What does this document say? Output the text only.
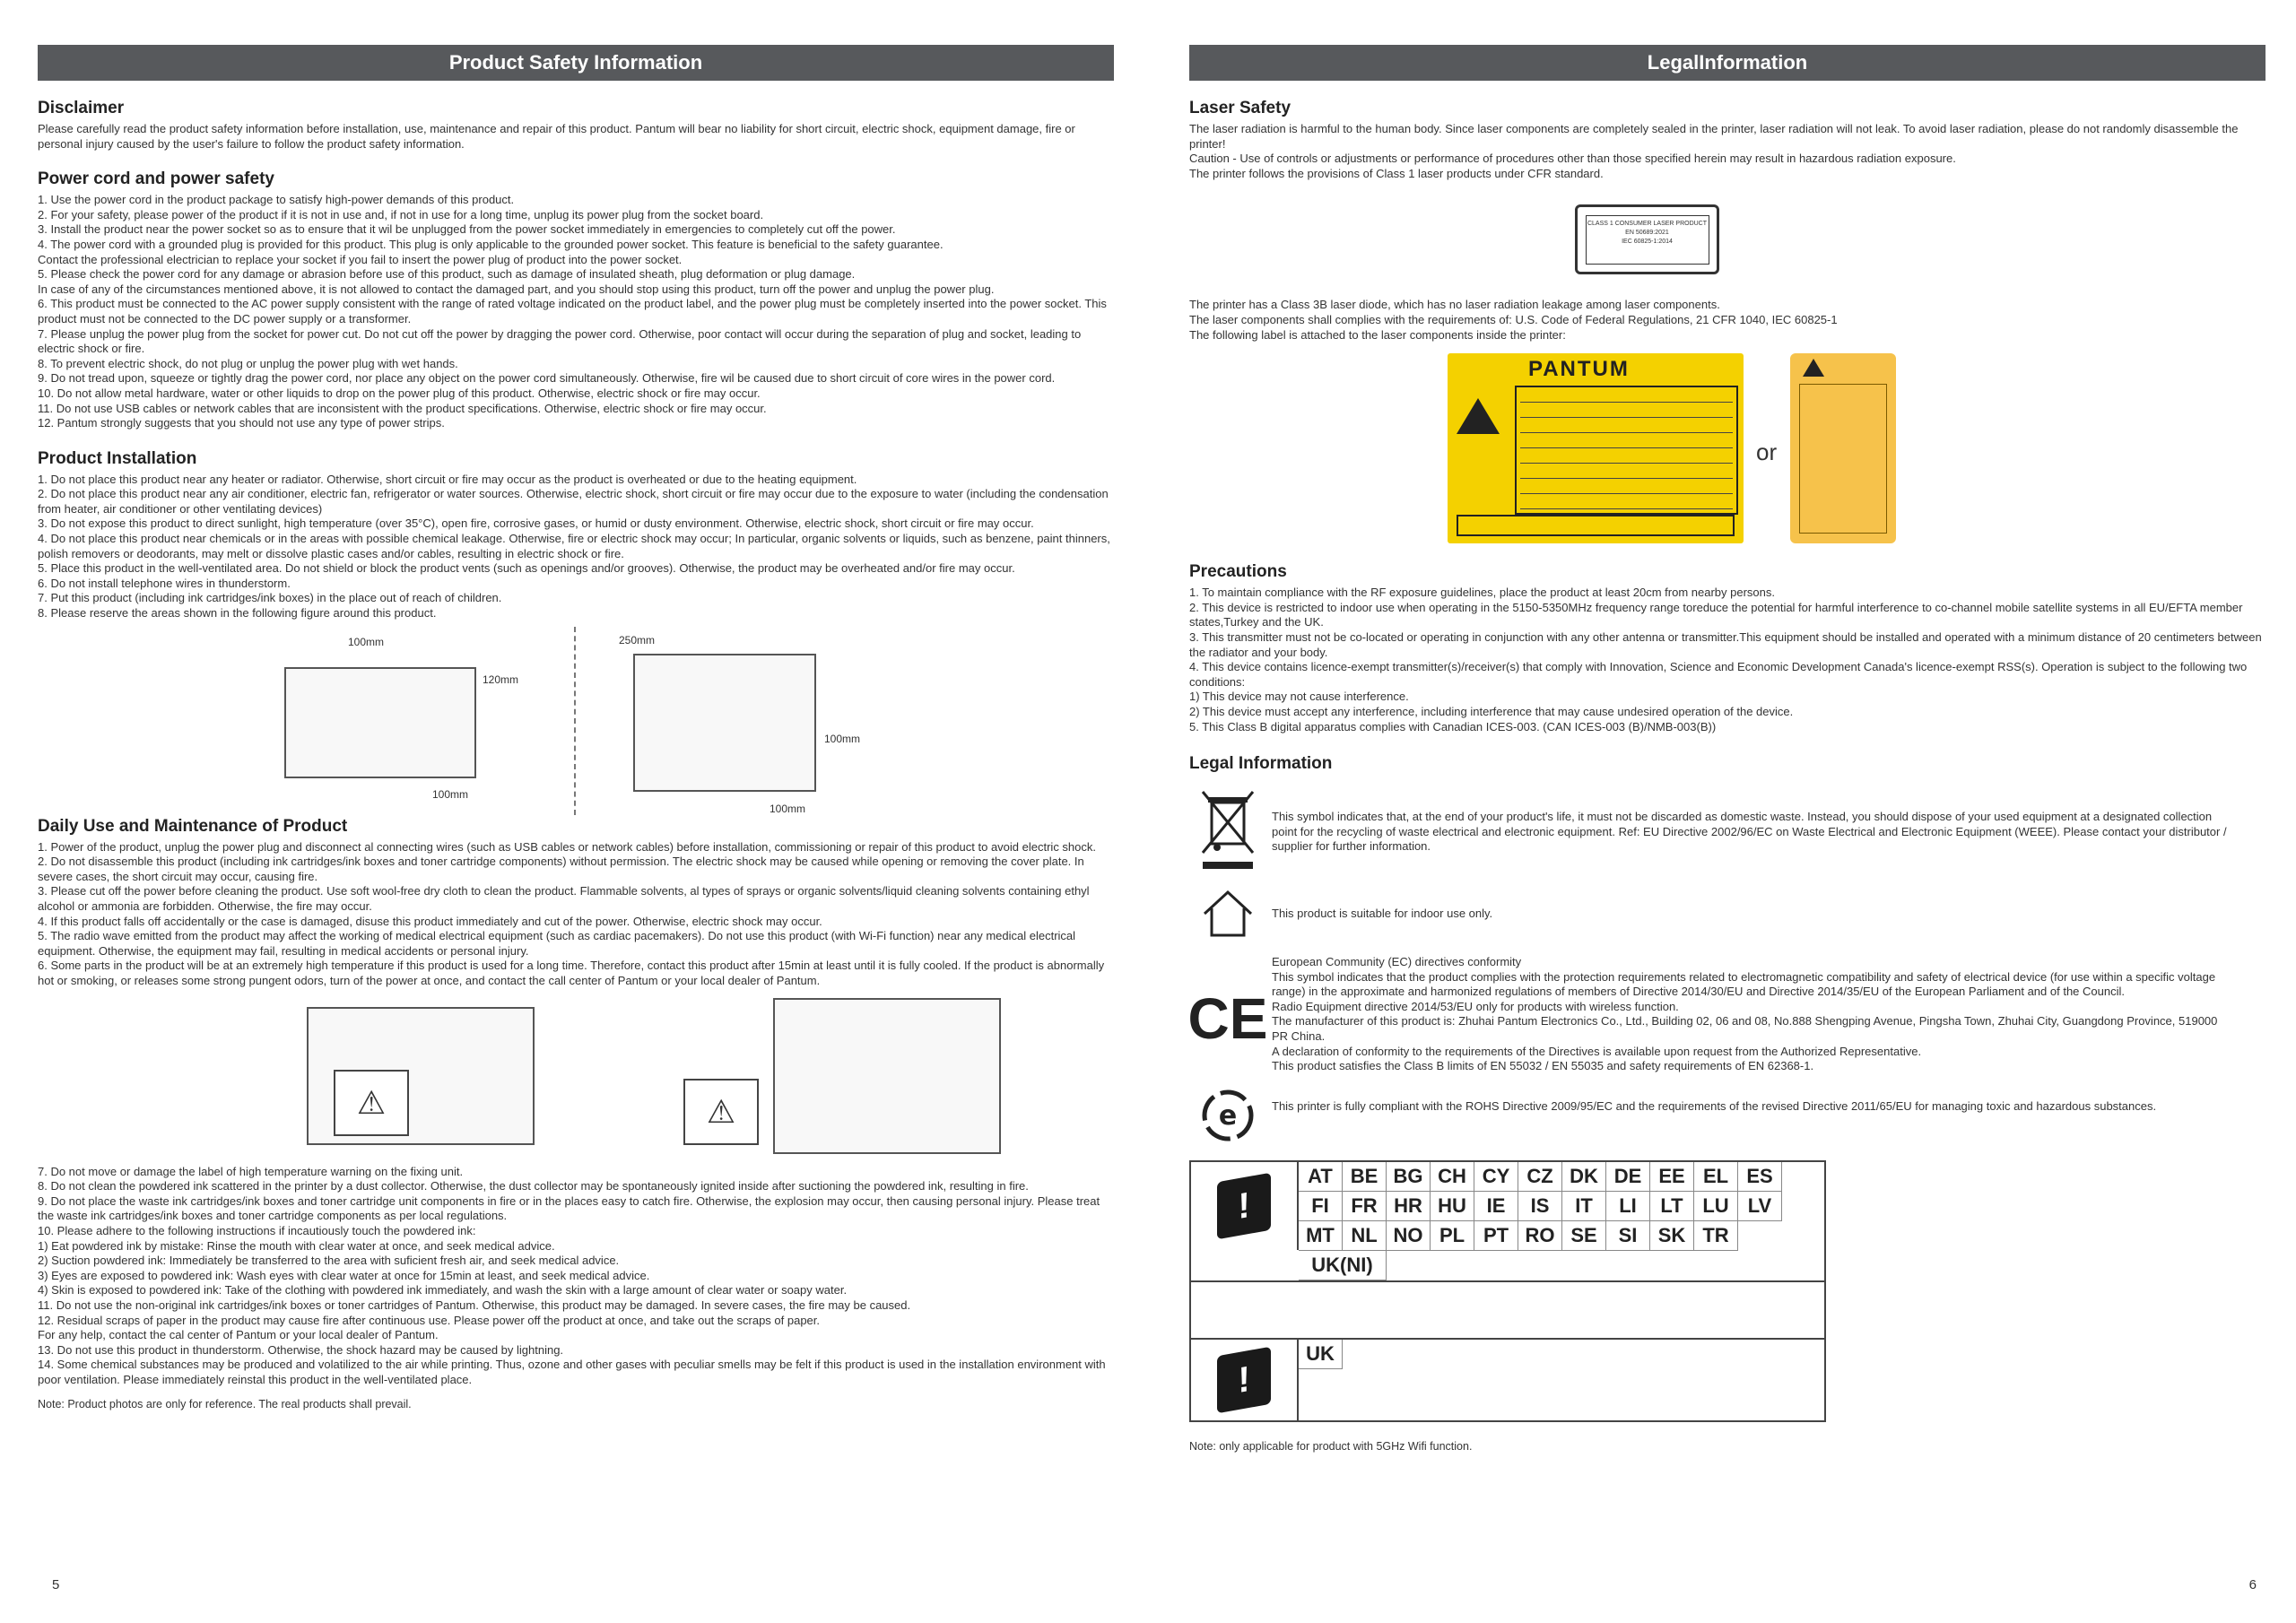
Product Safety Information
Disclaimer

Please carefully read the product safety information before installation, use, maintenance and repair of this product. Pantum will bear no liability for short circuit, electric shock, equipment damage, fire or personal injury caused by the user's failure to follow the product safety information.

Power cord and power safety
1. Use the power cord in the product package to satisfy high-power demands of this product.
2. For your safety, please power of the product if it is not in use and, if not in use for a long time, unplug its power plug from the socket board.
3. Install the product near the power socket so as to ensure that it wil be unplugged from the power socket immediately in emergencies to completely cut off the power.
4. The power cord with a grounded plug is provided for this product. This plug is only applicable to the grounded power socket. This feature is beneficial to the safety guarantee.
Contact the professional electrician to replace your socket if you fail to insert the power plug of product into the power socket.
5. Please check the power cord for any damage or abrasion before use of this product, such as damage of insulated sheath, plug deformation or plug damage.
In case of any of the circumstances mentioned above, it is not allowed to contact the damaged part, and you should stop using this product, turn off the power and unplug the power plug.
6. This product must be connected to the AC power supply consistent with the range of rated voltage indicated on the product label, and the power plug must be completely inserted into the power socket. This product must not be connected to the DC power supply or a transformer.
7. Please unplug the power plug from the socket for power cut. Do not cut off the power by dragging the power cord. Otherwise, poor contact will occur during the separation of plug and socket, leading to electric shock or fire.
8. To prevent electric shock, do not plug or unplug the power plug with wet hands.
9. Do not tread upon, squeeze or tightly drag the power cord, nor place any object on the power cord simultaneously. Otherwise, fire wil be caused due to short circuit of core wires in the power cord.
10. Do not allow metal hardware, water or other liquids to drop on the power plug of this product. Otherwise, electric shock or fire may occur.
11. Do not use USB cables or network cables that are inconsistent with the product specifications. Otherwise, electric shock or fire may occur.
12. Pantum strongly suggests that you should not use any type of power strips.
Product Installation
1. Do not place this product near any heater or radiator. Otherwise, short circuit or fire may occur as the product is overheated or due to the heating equipment.
2. Do not place this product near any air conditioner, electric fan, refrigerator or water sources. Otherwise, electric shock, short circuit or fire may occur due to the exposure to water (including the condensation from heater, air conditioner or other ventilating devices)
3. Do not expose this product to direct sunlight, high temperature (over 35°C), open fire, corrosive gases, or humid or dusty environment. Otherwise, electric shock, short circuit or fire may occur.
4. Do not place this product near chemicals or in the areas with possible chemical leakage. Otherwise, fire or electric shock may occur; In particular, organic solvents or liquids, such as benzene, paint thinners, polish removers or deodorants, may melt or dissolve plastic cases and/or cables, resulting in electric shock or fire.
5. Place this product in the well-ventilated area. Do not shield or block the product vents (such as openings and/or grooves). Otherwise, the product may be overheated and/or fire may occur.
6. Do not install telephone wires in thunderstorm.
7. Put this product (including ink cartridges/ink boxes) in the place out of reach of children.
8. Please reserve the areas shown in the following figure around this product.
100mm
120mm
100mm
250mm
100mm
100mm
Daily Use and Maintenance of Product
1. Power of the product, unplug the power plug and disconnect al connecting wires (such as USB cables or network cables) before installation, commissioning or repair of this product to avoid electric shock.
2. Do not disassemble this product (including ink cartridges/ink boxes and toner cartridge components) without permission. The electric shock may be caused while opening or removing the cover plate. In severe cases, the short circuit may occur, causing fire.
3. Please cut off the power before cleaning the product. Use soft wool-free dry cloth to clean the product. Flammable solvents, al types of sprays or organic solvents/liquid cleaning solvents containing ethyl alcohol or ammonia are forbidden. Otherwise, the fire may occur.
4. If this product falls off accidentally or the case is damaged, disuse this product immediately and cut of the power. Otherwise, electric shock may occur.
5. The radio wave emitted from the product may affect the working of medical electrical equipment (such as cardiac pacemakers). Do not use this product (with Wi-Fi function) near any medical electrical equipment. Otherwise, the equipment may fail, resulting in medical accidents or personal injury.
6. Some parts in the product will be at an extremely high temperature if this product is used for a long time. Therefore, contact this product after 15min at least until it is fully cooled. If the product is abnormally hot or smoking, or releases some strong pungent odors, turn of the power at once, and contact the call center of Pantum or your local dealer of Pantum.
⚠	⚠
7. Do not move or damage the label of high temperature warning on the fixing unit.
8. Do not clean the powdered ink scattered in the printer by a dust collector. Otherwise, the dust collector may be spontaneously ignited inside after suctioning the powdered ink, resulting in fire.
9. Do not place the waste ink cartridges/ink boxes and toner cartridge unit components in fire or in the places easy to catch fire. Otherwise, the explosion may occur, then causing personal injury. Please treat the waste ink cartridges/ink boxes and toner cartridge components as per local regulations.
10. Please adhere to the following instructions if incautiously touch the powdered ink:
1) Eat powdered ink by mistake: Rinse the mouth with clear water at once, and seek medical advice.
2) Suction powdered ink: Immediately be transferred to the area with suficient fresh air, and seek medical advice.
3) Eyes are exposed to powdered ink: Wash eyes with clear water at once for 15min at least, and seek medical advice.
4) Skin is exposed to powdered ink: Take of the clothing with powdered ink immediately, and wash the skin with a large amount of clear water or soapy water.
11. Do not use the non-original ink cartridges/ink boxes or toner cartridges of Pantum. Otherwise, this product may be damaged. In severe cases, the fire may be caused.
12. Residual scraps of paper in the product may cause fire after continuous use. Please power off the product at once, and take out the scraps of paper.
For any help, contact the cal center of Pantum or your local dealer of Pantum.
13. Do not use this product in thunderstorm. Otherwise, the shock hazard may be caused by lightning.
14. Some chemical substances may be produced and volatilized to the air while printing. Thus, ozone and other gases with peculiar smells may be felt if this product is used in the installation environment with poor ventilation. Please immediately reinstal this product in the well-ventilated place.
Note: Product photos are only for reference. The real products shall prevail.
5
LegalInformation
Laser Safety
The laser radiation is harmful to the human body. Since laser components are completely sealed in the printer, laser radiation will not leak. To avoid laser radiation, please do not randomly disassemble the printer!
Caution - Use of controls or adjustments or performance of procedures other than those specified herein may result in hazardous radiation exposure.
The printer follows the provisions of Class 1 laser products under CFR standard.
CLASS 1 CONSUMER LASER PRODUCT
EN 50689:2021
IEC 60825-1:2014
The printer has a Class 3B laser diode, which has no laser radiation leakage among laser components.
The laser components shall complies with the requirements of: U.S. Code of Federal Regulations, 21 CFR 1040, IEC 60825-1
The following label is attached to the laser components inside the printer:
PANTUM
or
Precautions
1. To maintain compliance with the RF exposure guidelines, place the product at least 20cm from nearby persons.
2. This device is restricted to indoor use when operating in the 5150-5350MHz frequency range toreduce the potential for harmful interference to co-channel mobile satellite systems in all EU/EFTA member states,Turkey and the UK.
3. This transmitter must not be co-located or operating in conjunction with any other antenna or transmitter.This equipment should be installed and operated with a minimum distance of 20 centimeters between the radiator and your body.
4. This device contains licence-exempt transmitter(s)/receiver(s) that comply with Innovation, Science and Economic Development Canada's licence-exempt RSS(s). Operation is subject to the following two conditions:
1) This device may not cause interference.
2) This device must accept any interference, including interference that may cause undesired operation of the device.
5. This Class B digital apparatus complies with Canadian ICES-003. (CAN ICES-003 (B)/NMB-003(B))
Legal Information
This symbol indicates that, at the end of your product's life, it must not be discarded as domestic waste. Instead, you should dispose of your used equipment at a designated collection point for the recycling of waste electrical and electronic equipment. Ref: EU Directive 2002/96/EC on Waste Electrical and Electronic Equipment (WEEE). Please contact your distributor / supplier for further information.
This product is suitable for indoor use only.
CE
European Community (EC) directives conformity
This symbol indicates that the product complies with the protection requirements related to electromagnetic compatibility and safety of electrical device (for use within a specific voltage range) in the approximate and harmonized regulations of members of Directive 2014/30/EU and Directive 2014/35/EU of the European Parliament and of the Council.
Radio Equipment directive 2014/53/EU only for products with wireless function.
The manufacturer of this product is: Zhuhai Pantum Electronics Co., Ltd., Building 02, 06 and 08, No.888 Shengping Avenue, Pingsha Town, Zhuhai City, Guangdong Province, 519000 PR China.
A declaration of conformity to the requirements of the Directives is available upon request from the Authorized Representative.
This product satisfies the Class B limits of EN 55032 / EN 55035 and safety requirements of EN 62368-1.
e	This printer is fully compliant with the ROHS Directive 2009/95/EC and the requirements of the revised Directive 2011/65/EU for managing toxic and hazardous substances.
!
AT BE BG CH CY CZ DK DE EE EL ES
FI	FR HR HU	IE	IS	IT	LI	LT LU LV
MT NL NO PL PT RO SE	SI	SK TR
UK(NI)
!
UK
Note: only applicable for product with 5GHz Wifi function.
6
